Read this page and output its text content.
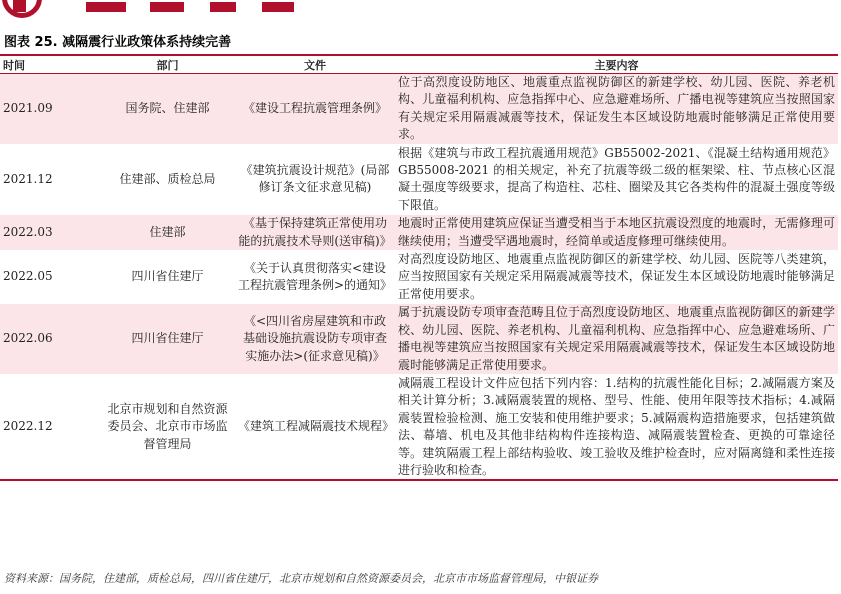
图表 25. 减隔震行业政策体系持续完善
时间	部门	文件	主要内容
2021.09	国务院、住建部	《建设工程抗震管理条例》	位于高烈度设防地区、地震重点监视防御区的新建学校、幼儿园、医院、养老机构、儿童福利机构、应急指挥中心、应急避难场所、广播电视等建筑应当按照国家有关规定采用隔震减震等技术，保证发生本区域设防地震时能够满足正常使用要求。
2021.12	住建部、质检总局	《建筑抗震设计规范》(局部修订条文征求意见稿)	根据《建筑与市政工程抗震通用规范》GB55002-2021、《混凝土结构通用规范》GB55008-2021 的相关规定，补充了抗震等级二级的框架梁、柱、节点核心区混凝土强度等级要求，提高了构造柱、芯柱、圈梁及其它各类构件的混凝土强度等级下限值。
2022.03	住建部	《基于保持建筑正常使用功能的抗震技术导则(送审稿)》	地震时正常使用建筑应保证当遭受相当于本地区抗震设烈度的地震时，无需修理可继续使用；当遭受罕遇地震时，经简单或适度修理可继续使用。
2022.05	四川省住建厅	《关于认真贯彻落实<建设工程抗震管理条例>的通知》	对高烈度设防地区、地震重点监视防御区的新建学校、幼儿园、医院等八类建筑，应当按照国家有关规定采用隔震减震等技术，保证发生本区域设防地震时能够满足正常使用要求。
2022.06	四川省住建厅	《<四川省房屋建筑和市政基础设施抗震设防专项审查实施办法>(征求意见稿)》	属于抗震设防专项审查范畴且位于高烈度设防地区、地震重点监视防御区的新建学校、幼儿园、医院、养老机构、儿童福利机构、应急指挥中心、应急避难场所、广播电视等建筑应当按照国家有关规定采用隔震减震等技术，保证发生本区域设防地震时能够满足正常使用要求。
2022.12	北京市规划和自然资源委员会、北京市市场监督管理局	《建筑工程减隔震技术规程》	减隔震工程设计文件应包括下列内容：1.结构的抗震性能化目标；2.减隔震方案及相关计算分析；3.减隔震装置的规格、型号、性能、使用年限等技术指标；4.减隔震装置检验检测、施工安装和使用维护要求；5.减隔震构造措施要求，包括建筑做法、幕墙、机电及其他非结构构件连接构造、减隔震装置检查、更换的可靠途径等。建筑隔震工程上部结构验收、竣工验收及维护检查时，应对隔离缝和柔性连接进行验收和检查。
资料来源：国务院，住建部，质检总局，四川省住建厅，北京市规划和自然资源委员会，北京市市场监督管理局，中银证券
